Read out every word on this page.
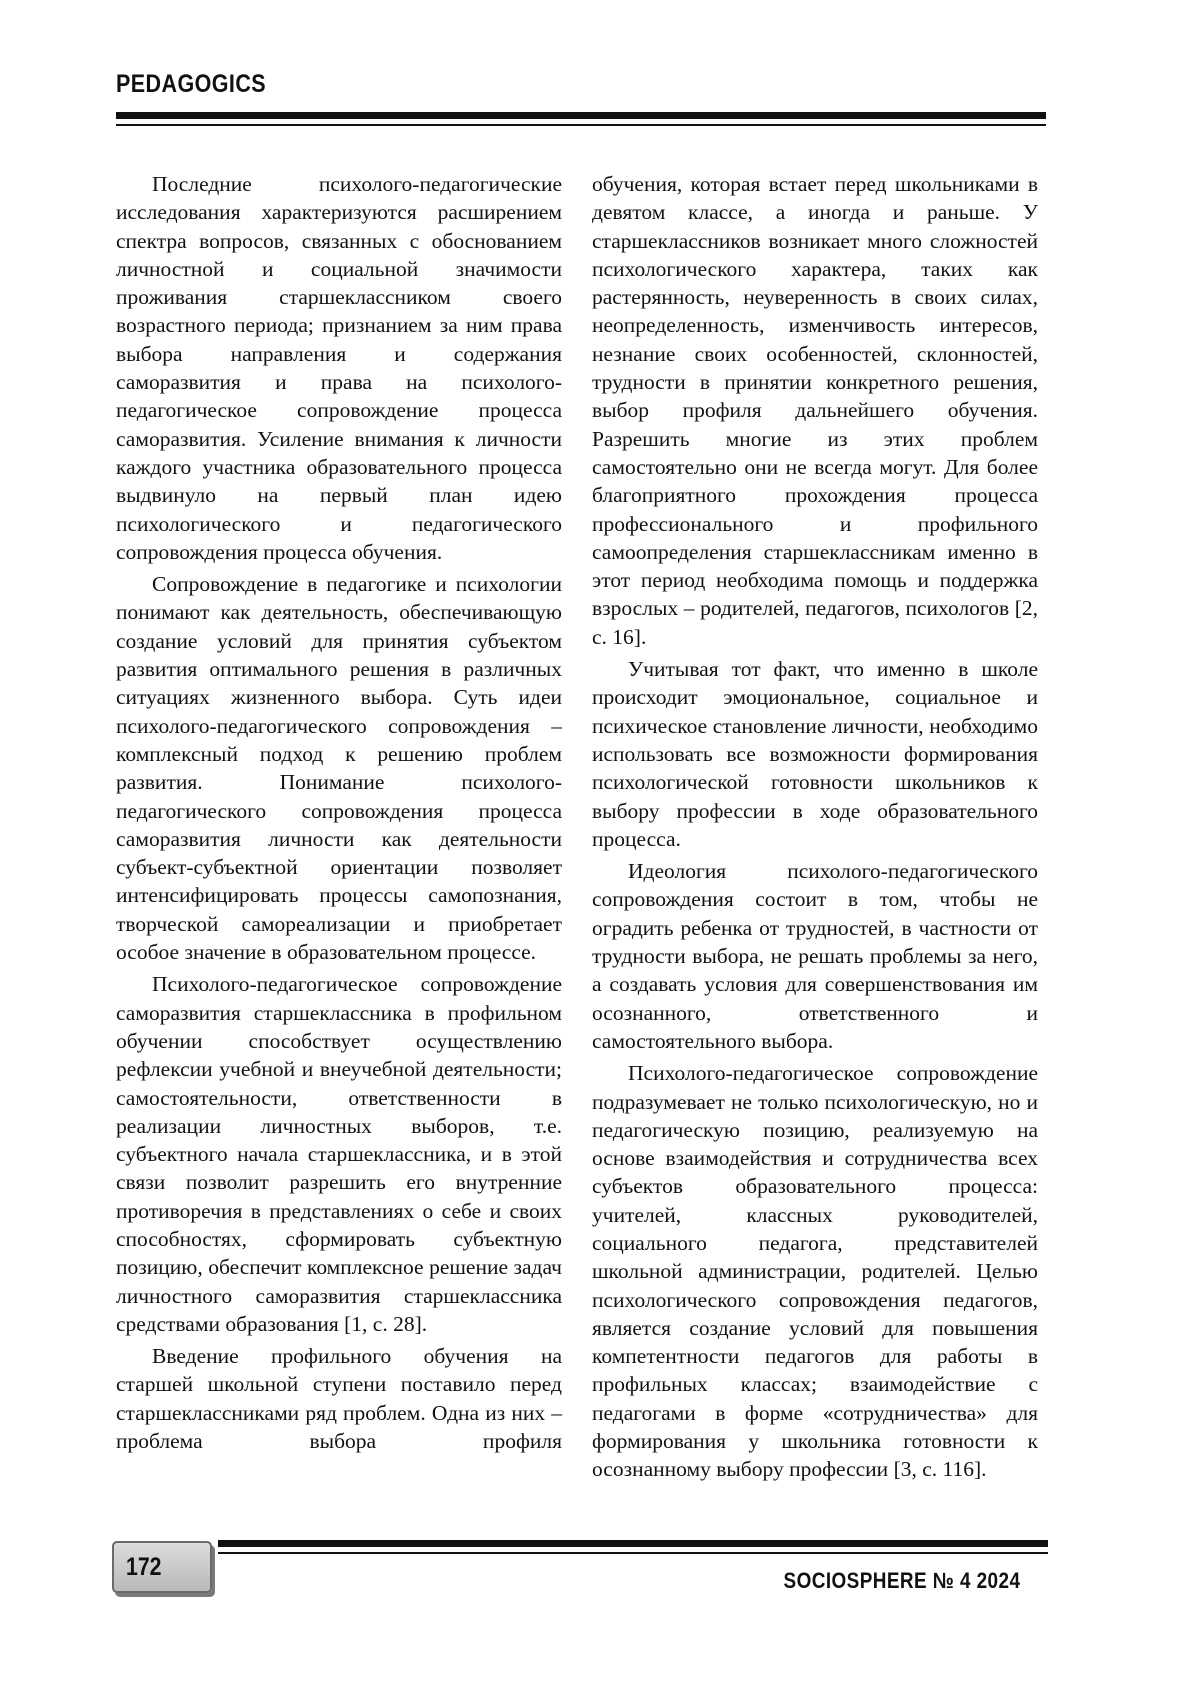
PEDAGOGICS

Последние психолого-педагогические исследования характеризуются расширением спектра вопросов, связанных с обоснованием личностной и социальной значимости проживания старшеклассником своего возрастного периода; признанием за ним права выбора направления и содержания саморазвития и права на психолого-педагогическое сопровождение процесса саморазвития. Усиление внимания к личности каждого участника образовательного процесса выдвинуло на первый план идею психологического и педагогического сопровождения процесса обучения.

Сопровождение в педагогике и психологии понимают как деятельность, обеспечивающую создание условий для принятия субъектом развития оптимального решения в различных ситуациях жизненного выбора. Суть идеи психолого-педагогического сопровождения – комплексный подход к решению проблем развития. Понимание психолого-педагогического сопровождения процесса саморазвития личности как деятельности субъект-субъектной ориентации позволяет интенсифицировать процессы самопознания, творческой самореализации и приобретает особое значение в образовательном процессе.

Психолого-педагогическое сопровождение саморазвития старшеклассника в профильном обучении способствует осуществлению рефлексии учебной и внеучебной деятельности; самостоятельности, ответственности в реализации личностных выборов, т.е. субъектного начала старшеклассника, и в этой связи позволит разрешить его внутренние противоречия в представлениях о себе и своих способностях, сформировать субъектную позицию, обеспечит комплексное решение задач личностного саморазвития старшеклассника средствами образования [1, с. 28].

Введение профильного обучения на старшей школьной ступени поставило перед старшеклассниками ряд проблем. Одна из них – проблема выбора профиля

обучения, которая встает перед школьниками в девятом классе, а иногда и раньше. У старшеклассников возникает много сложностей психологического характера, таких как растерянность, неуверенность в своих силах, неопределенность, изменчивость интересов, незнание своих особенностей, склонностей, трудности в принятии конкретного решения, выбор профиля дальнейшего обучения. Разрешить многие из этих проблем самостоятельно они не всегда могут. Для более благоприятного прохождения процесса профессионального и профильного самоопределения старшеклассникам именно в этот период необходима помощь и поддержка взрослых – родителей, педагогов, психологов [2, с. 16].

Учитывая тот факт, что именно в школе происходит эмоциональное, социальное и психическое становление личности, необходимо использовать все возможности формирования психологической готовности школьников к выбору профессии в ходе образовательного процесса.

Идеология психолого-педагогического сопровождения состоит в том, чтобы не оградить ребенка от трудностей, в частности от трудности выбора, не решать проблемы за него, а создавать условия для совершенствования им осознанного, ответственного и самостоятельного выбора.

Психолого-педагогическое сопровождение подразумевает не только психологическую, но и педагогическую позицию, реализуемую на основе взаимодействия и сотрудничества всех субъектов образовательного процесса: учителей, классных руководителей, социального педагога, представителей школьной администрации, родителей. Целью психологического сопровождения педагогов, является создание условий для повышения компетентности педагогов для работы в профильных классах; взаимодействие с педагогами в форме «сотрудничества» для формирования у школьника готовности к осознанному выбору профессии [3, с. 116].

172	SOCIOSPHERE № 4 2024
